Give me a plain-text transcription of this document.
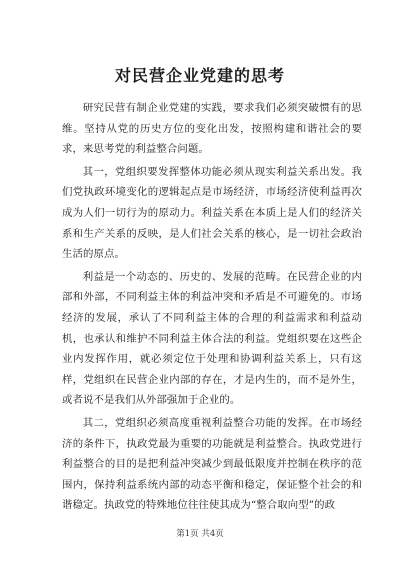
对民营企业党建的思考

研究民营有制企业党建的实践，要求我们必须突破惯有的思维。坚持从党的历史方位的变化出发，按照构建和谐社会的要求，来思考党的利益整合问题。

其一，党组织要发挥整体功能必须从现实利益关系出发。我们党执政环境变化的逻辑起点是市场经济，市场经济使利益再次成为人们一切行为的原动力。利益关系在本质上是人们的经济关系和生产关系的反映，是人们社会关系的核心，是一切社会政治生活的原点。

利益是一个动态的、历史的、发展的范畴。在民营企业的内部和外部，不同利益主体的利益冲突和矛盾是不可避免的。市场经济的发展，承认了不同利益主体的合理的利益需求和利益动机，也承认和维护不同利益主体合法的利益。党组织要在这些企业内发挥作用，就必须定位于处理和协调利益关系上，只有这样，党组织在民营企业内部的存在，才是内生的，而不是外生，或者说不是我们从外部强加于企业的。

其二，党组织必须高度重视利益整合功能的发挥。在市场经济的条件下，执政党最为重要的功能就是利益整合。执政党进行利益整合的目的是把利益冲突减少到最低限度并控制在秩序的范围内，保持利益系统内部的动态平衡和稳定，保证整个社会的和谐稳定。执政党的特殊地位往往使其成为“整合取向型”的政

第1页 共4页
